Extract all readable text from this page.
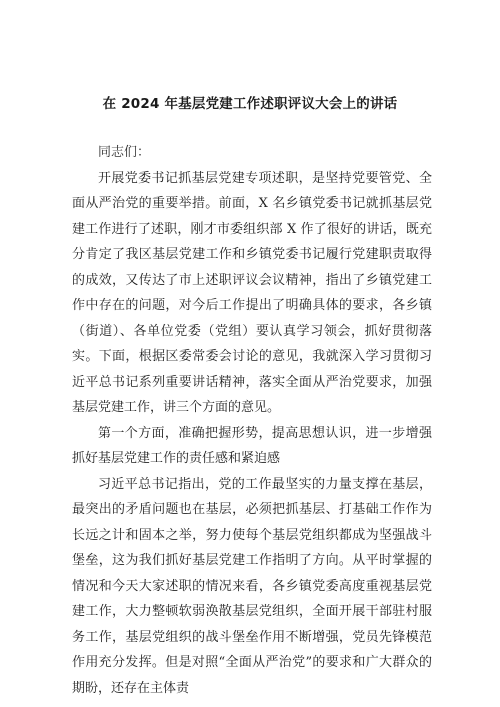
在 2024 年基层党建工作述职评议大会上的讲话

同志们：

开展党委书记抓基层党建专项述职，是坚持党要管党、全面从严治党的重要举措。前面，X 名乡镇党委书记就抓基层党建工作进行了述职，刚才市委组织部 X 作了很好的讲话，既充分肯定了我区基层党建工作和乡镇党委书记履行党建职责取得的成效，又传达了市上述职评议会议精神，指出了乡镇党建工作中存在的问题，对今后工作提出了明确具体的要求，各乡镇（街道）、各单位党委（党组）要认真学习领会，抓好贯彻落实。下面，根据区委常委会讨论的意见，我就深入学习贯彻习近平总书记系列重要讲话精神，落实全面从严治党要求，加强基层党建工作，讲三个方面的意见。

第一个方面，准确把握形势，提高思想认识，进一步增强抓好基层党建工作的责任感和紧迫感

习近平总书记指出，党的工作最坚实的力量支撑在基层，最突出的矛盾问题也在基层，必须把抓基层、打基础工作作为长远之计和固本之举，努力使每个基层党组织都成为坚强战斗堡垒，这为我们抓好基层党建工作指明了方向。从平时掌握的情况和今天大家述职的情况来看，各乡镇党委高度重视基层党建工作，大力整顿软弱涣散基层党组织，全面开展干部驻村服务工作，基层党组织的战斗堡垒作用不断增强，党员先锋模范作用充分发挥。但是对照“全面从严治党”的要求和广大群众的期盼，还存在主体责
